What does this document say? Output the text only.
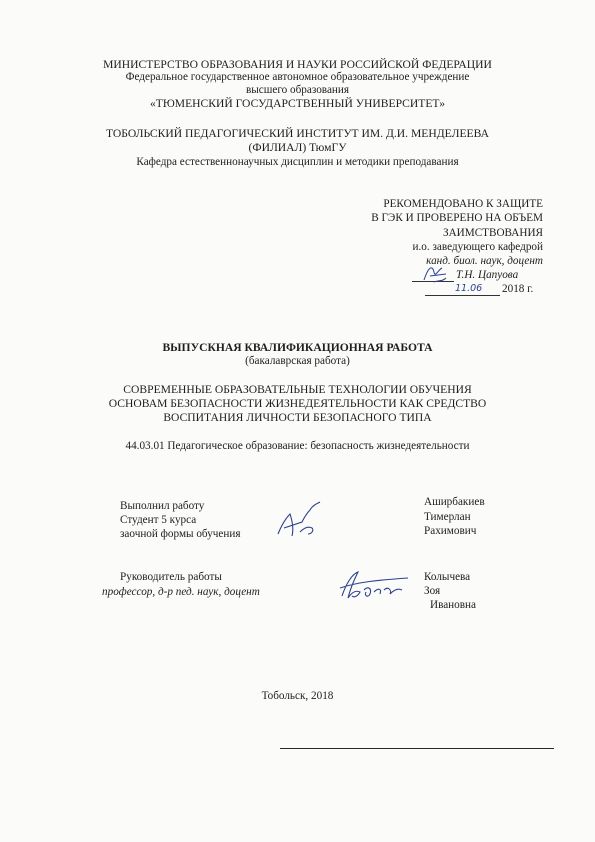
МИНИСТЕРСТВО ОБРАЗОВАНИЯ И НАУКИ РОССИЙСКОЙ ФЕДЕРАЦИИ
Федеральное государственное автономное образовательное учреждение
высшего образования
«ТЮМЕНСКИЙ ГОСУДАРСТВЕННЫЙ УНИВЕРСИТЕТ»
ТОБОЛЬСКИЙ ПЕДАГОГИЧЕСКИЙ ИНСТИТУТ ИМ. Д.И. МЕНДЕЛЕЕВА
(ФИЛИАЛ) ТюмГУ
Кафедра естественнонаучных дисциплин и методики преподавания
РЕКОМЕНДОВАНО К ЗАЩИТЕ
В ГЭК И ПРОВЕРЕНО НА ОБЪЕМ
ЗАИМСТВОВАНИЯ
и.о. заведующего кафедрой
канд. биол. наук, доцент
Т.Н. Цапуова
11.06 2018 г.
ВЫПУСКНАЯ КВАЛИФИКАЦИОННАЯ РАБОТА
(бакалаврская работа)
СОВРЕМЕННЫЕ ОБРАЗОВАТЕЛЬНЫЕ ТЕХНОЛОГИИ ОБУЧЕНИЯ
ОСНОВАМ БЕЗОПАСНОСТИ ЖИЗНЕДЕЯТЕЛЬНОСТИ КАК СРЕДСТВО
ВОСПИТАНИЯ ЛИЧНОСТИ БЕЗОПАСНОГО ТИПА
44.03.01 Педагогическое образование: безопасность жизнедеятельности
Выполнил работу
Студент 5 курса
заочной формы обучения
Аширбакиев
Тимерлан
Рахимович
Руководитель работы
профессор, д-р пед. наук, доцент
Колычева
Зоя
Ивановна
Тобольск, 2018
